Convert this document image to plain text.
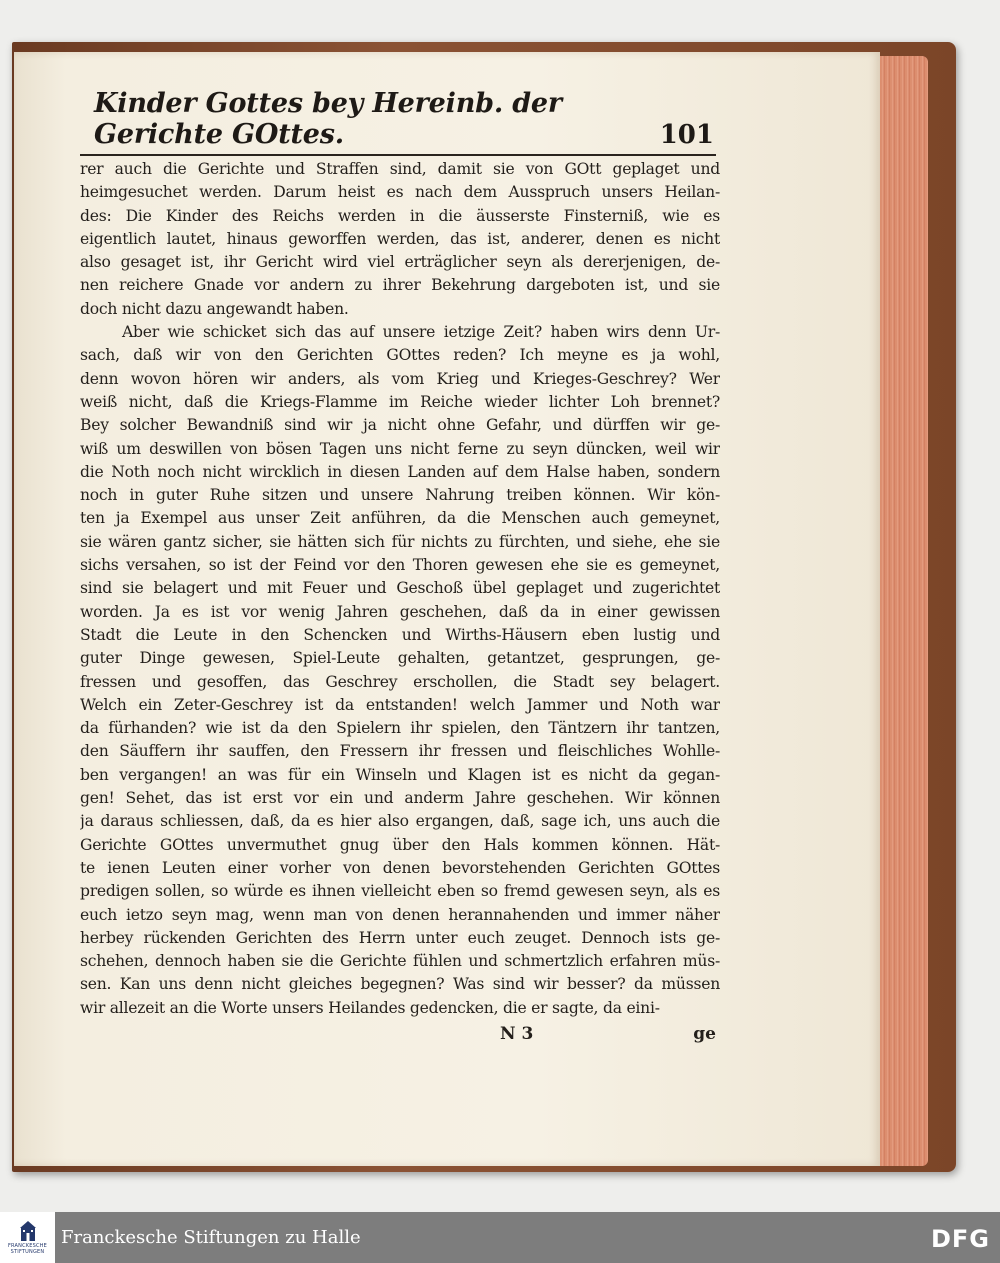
Kinder Gottes bey Hereinb. der Gerichte GOttes.	101
rer auch die Gerichte und Straffen sind, damit sie von GOtt geplaget und
heimgesuchet werden. Darum heist es nach dem Ausspruch unsers Heilan-
des: Die Kinder des Reichs werden in die äusserste Finsterniß, wie es
eigentlich lautet, hinaus geworffen werden, das ist, anderer, denen es nicht
also gesaget ist, ihr Gericht wird viel erträglicher seyn als dererjenigen, de-
nen reichere Gnade vor andern zu ihrer Bekehrung dargeboten ist, und sie
doch nicht dazu angewandt haben.
Aber wie schicket sich das auf unsere ietzige Zeit? haben wirs denn Ur-
sach, daß wir von den Gerichten GOttes reden? Ich meyne es ja wohl,
denn wovon hören wir anders, als vom Krieg und Krieges-Geschrey? Wer
weiß nicht, daß die Kriegs-Flamme im Reiche wieder lichter Loh brennet?
Bey solcher Bewandniß sind wir ja nicht ohne Gefahr, und dürffen wir ge-
wiß um deswillen von bösen Tagen uns nicht ferne zu seyn düncken, weil wir
die Noth noch nicht wircklich in diesen Landen auf dem Halse haben, sondern
noch in guter Ruhe sitzen und unsere Nahrung treiben können. Wir kön-
ten ja Exempel aus unser Zeit anführen, da die Menschen auch gemeynet,
sie wären gantz sicher, sie hätten sich für nichts zu fürchten, und siehe, ehe sie
sichs versahen, so ist der Feind vor den Thoren gewesen ehe sie es gemeynet,
sind sie belagert und mit Feuer und Geschoß übel geplaget und zugerichtet
worden. Ja es ist vor wenig Jahren geschehen, daß da in einer gewissen
Stadt die Leute in den Schencken und Wirths-Häusern eben lustig und
guter Dinge gewesen, Spiel-Leute gehalten, getantzet, gesprungen, ge-
fressen und gesoffen, das Geschrey erschollen, die Stadt sey belagert.
Welch ein Zeter-Geschrey ist da entstanden! welch Jammer und Noth war
da fürhanden? wie ist da den Spielern ihr spielen, den Täntzern ihr tantzen,
den Säuffern ihr sauffen, den Fressern ihr fressen und fleischliches Wohlle-
ben vergangen! an was für ein Winseln und Klagen ist es nicht da gegan-
gen! Sehet, das ist erst vor ein und anderm Jahre geschehen. Wir können
ja daraus schliessen, daß, da es hier also ergangen, daß, sage ich, uns auch die
Gerichte GOttes unvermuthet gnug über den Hals kommen können. Hät-
te ienen Leuten einer vorher von denen bevorstehenden Gerichten GOttes
predigen sollen, so würde es ihnen vielleicht eben so fremd gewesen seyn, als es
euch ietzo seyn mag, wenn man von denen herannahenden und immer näher
herbey rückenden Gerichten des Herrn unter euch zeuget. Dennoch ists ge-
schehen, dennoch haben sie die Gerichte fühlen und schmertzlich erfahren müs-
sen. Kan uns denn nicht gleiches begegnen? Was sind wir besser? da müssen
wir allezeit an die Worte unsers Heilandes gedencken, die er sagte, da eini-
N 3	ge
FRANCKESCHE
STIFTUNGEN
Franckesche Stiftungen zu Halle	DFG
